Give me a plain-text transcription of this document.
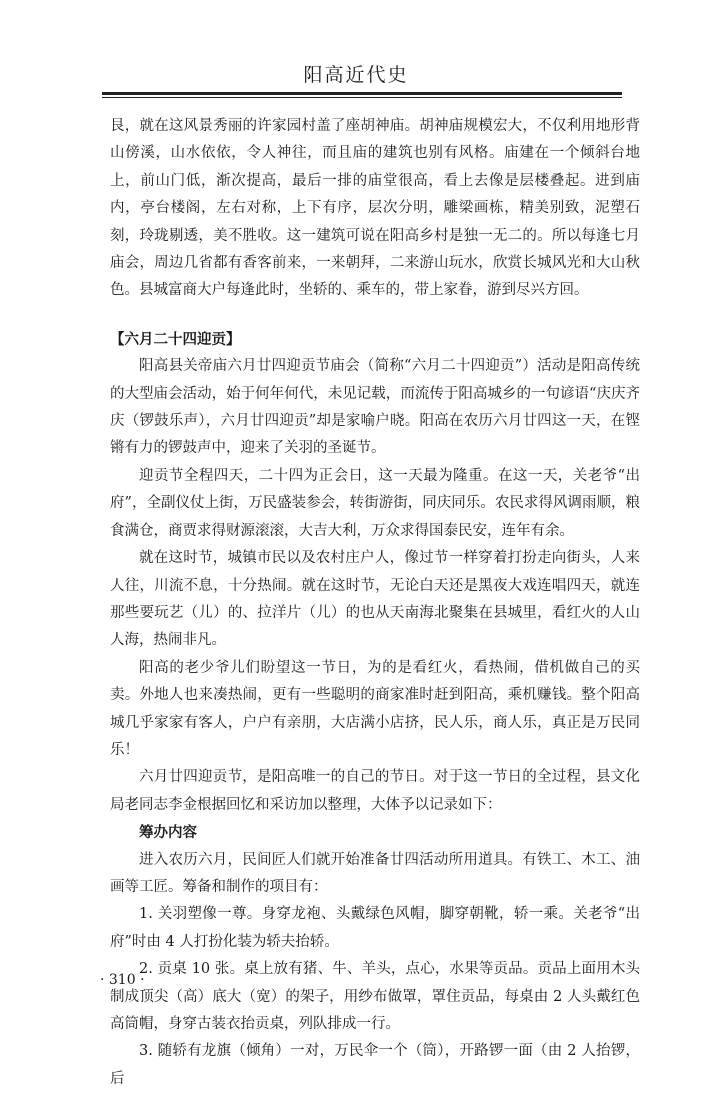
阳高近代史

艮，就在这风景秀丽的许家园村盖了座胡神庙。胡神庙规模宏大，不仅利用地形背山傍溪，山水依依，令人神往，而且庙的建筑也别有风格。庙建在一个倾斜台地上，前山门低，渐次提高，最后一排的庙堂很高，看上去像是层楼叠起。进到庙内，亭台楼阁，左右对称，上下有序，层次分明，雕梁画栋，精美别致，泥塑石刻，玲珑剔透，美不胜收。这一建筑可说在阳高乡村是独一无二的。所以每逢七月庙会，周边几省都有香客前来，一来朝拜，二来游山玩水，欣赏长城风光和大山秋色。县城富商大户每逢此时，坐轿的、乘车的，带上家眷，游到尽兴方回。

【六月二十四迎贡】

阳高县关帝庙六月廿四迎贡节庙会（简称“六月二十四迎贡”）活动是阳高传统的大型庙会活动，始于何年何代，未见记载，而流传于阳高城乡的一句谚语“庆庆齐庆（锣鼓乐声），六月廿四迎贡”却是家喻户晓。阳高在农历六月廿四这一天，在铿锵有力的锣鼓声中，迎来了关羽的圣诞节。

迎贡节全程四天，二十四为正会日，这一天最为隆重。在这一天，关老爷“出府”，全副仪仗上街，万民盛装参会，转街游街，同庆同乐。农民求得风调雨顺，粮食满仓，商贾求得财源滚滚，大吉大利，万众求得国泰民安，连年有余。

就在这时节，城镇市民以及农村庄户人，像过节一样穿着打扮走向街头，人来人往，川流不息，十分热闹。就在这时节，无论白天还是黑夜大戏连唱四天，就连那些要玩艺（儿）的、拉洋片（儿）的也从天南海北聚集在县城里，看红火的人山人海，热闹非凡。

阳高的老少爷儿们盼望这一节日，为的是看红火，看热闹，借机做自己的买卖。外地人也来凑热闹，更有一些聪明的商家准时赶到阳高，乘机赚钱。整个阳高城几乎家家有客人，户户有亲朋，大店满小店挤，民人乐，商人乐，真正是万民同乐！

六月廿四迎贡节，是阳高唯一的自己的节日。对于这一节日的全过程，县文化局老同志李金根据回忆和采访加以整理，大体予以记录如下：

筹办内容

进入农历六月，民间匠人们就开始准备廿四活动所用道具。有铁工、木工、油画等工匠。筹备和制作的项目有：

1. 关羽塑像一尊。身穿龙袍、头戴绿色风帽，脚穿朝靴，轿一乘。关老爷“出府”时由 4 人打扮化装为轿夫抬轿。

2. 贡桌 10 张。桌上放有猪、牛、羊头，点心，水果等贡品。贡品上面用木头制成顶尖（高）底大（宽）的架子，用纱布做罩，罩住贡品，每桌由 2 人头戴红色高筒帽，身穿古装衣抬贡桌，列队排成一行。

3. 随轿有龙旗（倾角）一对，万民伞一个（筒），开路锣一面（由 2 人抬锣，后

· 310 ·
